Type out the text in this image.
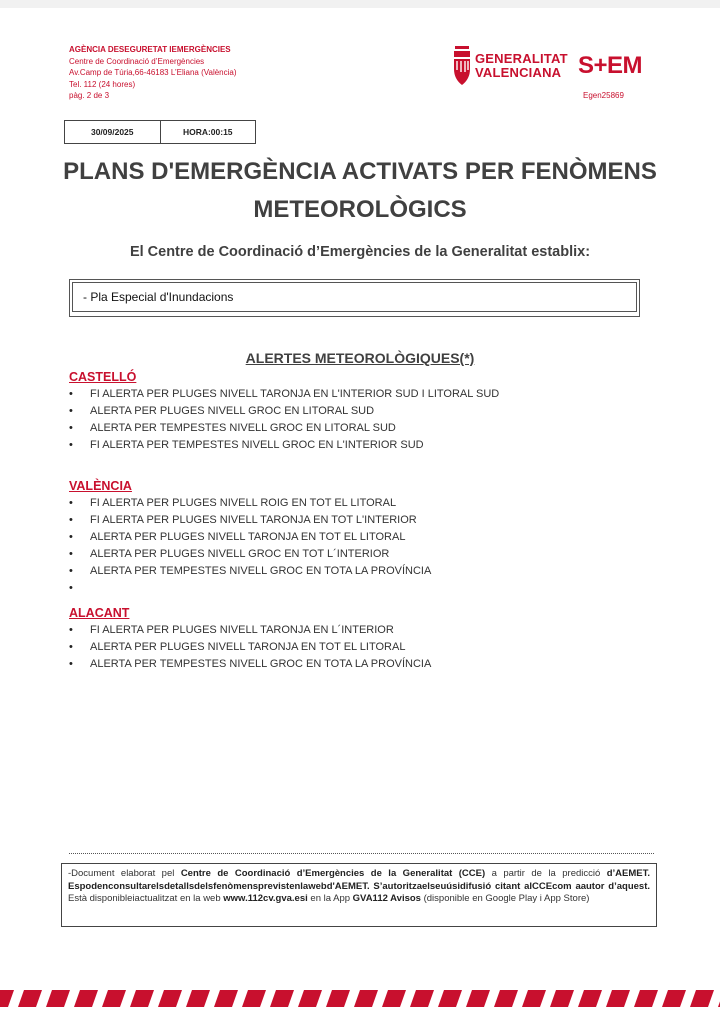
AGÈNCIA DESEGURETAT IEMERGÈNCIES
Centre de Coordinació d’Emergències
Av.Camp de Túria,66-46183 L’Eliana (València)
Tel. 112 (24 hores)
pàg. 2 de 3
GENERALITAT
VALENCIANA S+EM
Egen25869
30/09/2025	HORA:00:15
PLANS D'EMERGÈNCIA ACTIVATS PER FENÒMENS
METEOROLÒGICS
El Centre de Coordinació d’Emergències de la Generalitat establix:
- Pla Especial d'Inundacions
ALERTES METEOROLÒGIQUES(*)
CASTELLÓ
• FI ALERTA PER PLUGES NIVELL TARONJA EN L'INTERIOR SUD I LITORAL SUD
• ALERTA PER PLUGES NIVELL GROC EN LITORAL SUD
• ALERTA PER TEMPESTES NIVELL GROC EN LITORAL SUD
• FI ALERTA PER TEMPESTES NIVELL GROC EN L'INTERIOR SUD
VALÈNCIA
• FI ALERTA PER PLUGES NIVELL ROIG EN TOT EL LITORAL
• FI ALERTA PER PLUGES NIVELL TARONJA EN TOT L'INTERIOR
• ALERTA PER PLUGES NIVELL TARONJA EN TOT EL LITORAL
• ALERTA PER PLUGES NIVELL GROC EN TOT L´INTERIOR
• ALERTA PER TEMPESTES NIVELL GROC EN TOTA LA PROVÍNCIA
•
ALACANT
• FI ALERTA PER PLUGES NIVELL TARONJA EN L´INTERIOR
• ALERTA PER PLUGES NIVELL TARONJA EN TOT EL LITORAL
• ALERTA PER TEMPESTES NIVELL GROC EN TOTA LA PROVÍNCIA
-Document elaborat pel Centre de Coordinació d’Emergències de la Generalitat (CCE) a partir de la predicció d’AEMET. Espodenconsultarelsdetallsdelsfenòmensprevistenlawebd'AEMET. S’autoritzaelseuúsidifusió citant alCCEcom aautor d’aquest. Està disponibleiactualitzat en la web www.112cv.gva.esi en la App GVA112 Avisos (disponible en Google Play i App Store)
